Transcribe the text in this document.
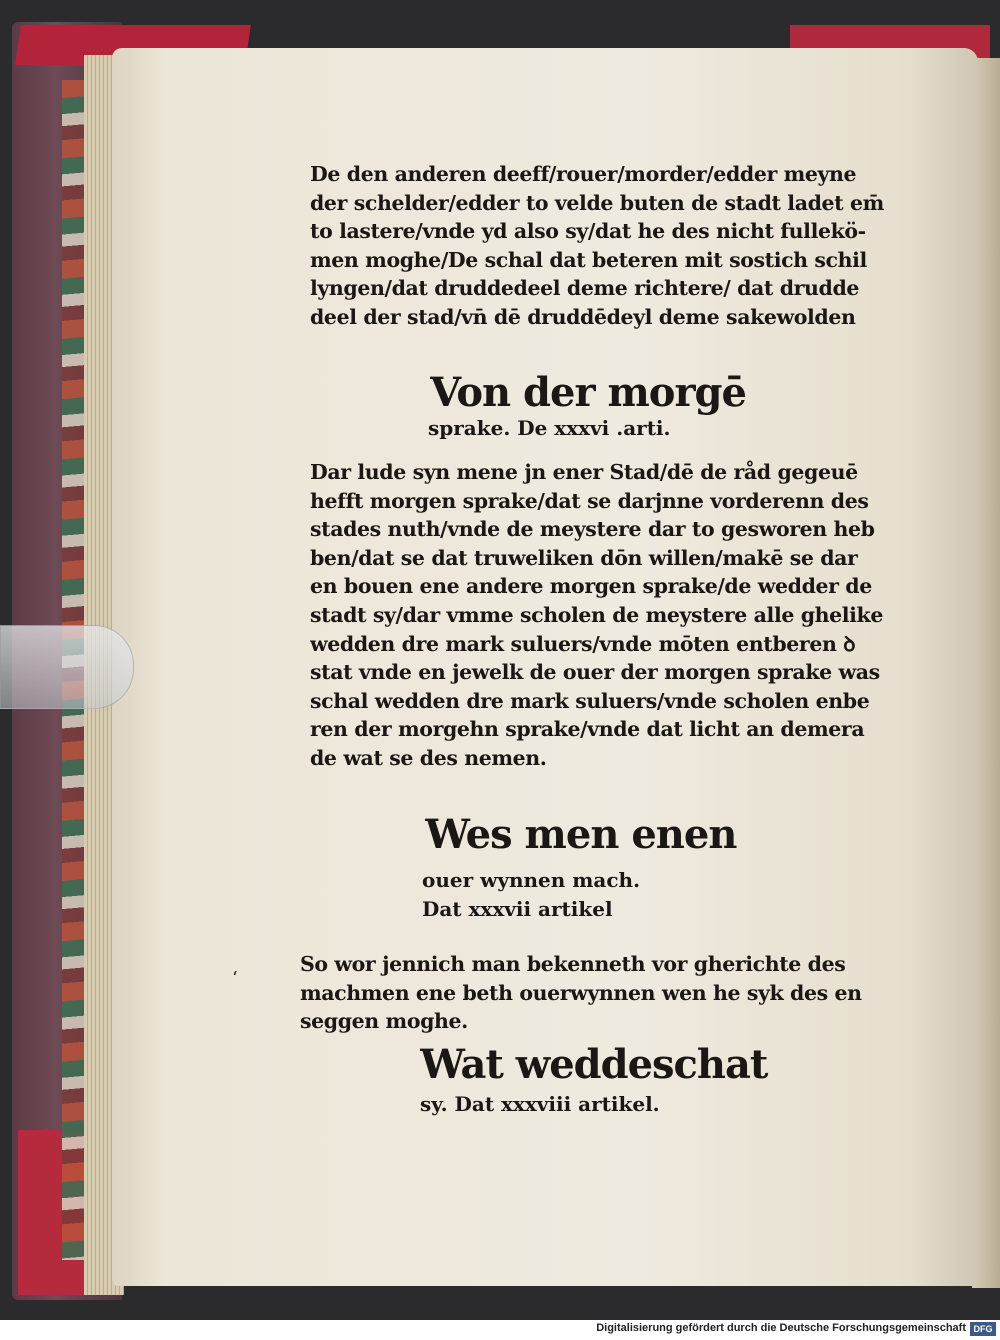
De den anderen deeff/rouer/morder/edder meyne
der schelder/edder to velde buten de stadt ladet em̄
to lastere/vnde yd also sy/dat he des nicht fullekö-
men moghe/De schal dat beteren mit sostich schil
lyngen/dat druddedeel deme richtere/ dat drudde
deel der stad/vn̄ dē druddēdeyl deme sakewolden
Von der morgē
sprake. De xxxvi .arti.
Dar lude syn mene jn ener Stad/dē de råd gegeuē
hefft morgen sprake/dat se darjnne vorderenn des
stades nuth/vnde de meystere dar to gesworen heb
ben/dat se dat truweliken dōn willen/makē se dar
en bouen ene andere morgen sprake/de wedder de
stadt sy/dar vmme scholen de meystere alle ghelike
wedden dre mark suluers/vnde mōten entberen ꝺ
stat vnde en jewelk de ouer der morgen sprake was
schal wedden dre mark suluers/vnde scholen enbe
ren der morgehn sprake/vnde dat licht an demera
de wat se des nemen.
Wes men enen
ouer wynnen mach.
Dat xxxvii artikel
ʻ
So wor jennich man bekenneth vor gherichte des
machmen ene beth ouerwynnen wen he syk des en
seggen moghe.
Wat weddeschat
sy. Dat xxxviii artikel.
Digitalisierung gefördert durch die Deutsche Forschungsgemeinschaft DFG
